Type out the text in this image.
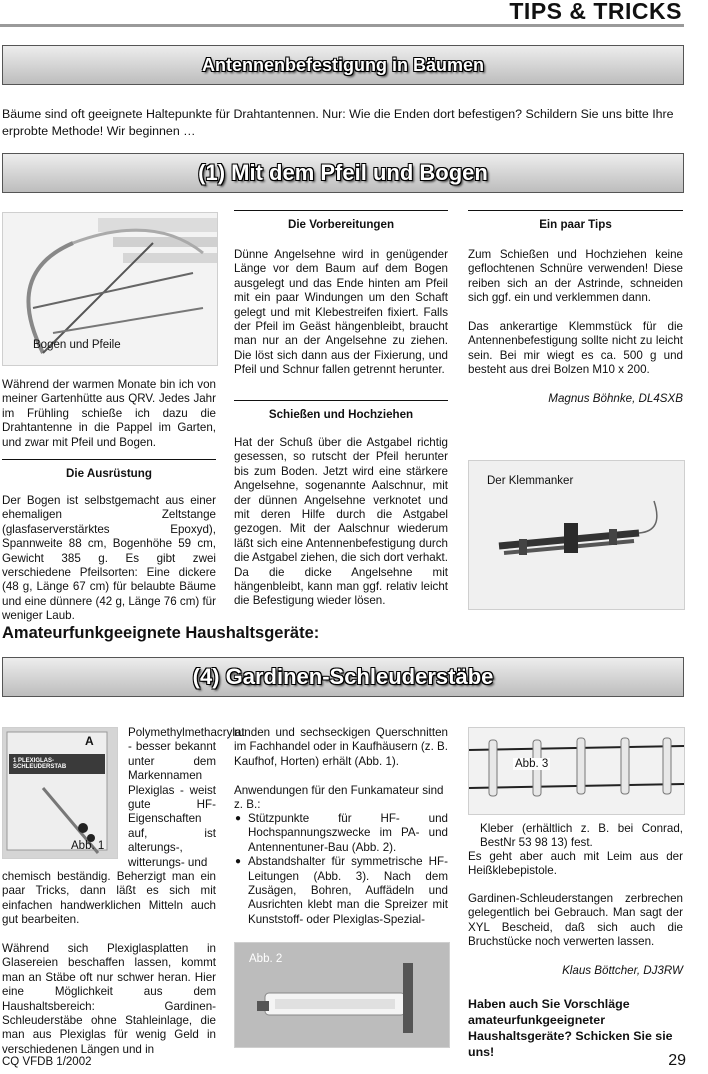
TIPS & TRICKS
Antennenbefestigung in Bäumen
Bäume sind oft geeignete Haltepunkte für Drahtantennen. Nur: Wie die Enden dort befestigen? Schildern Sie uns bitte Ihre erprobte Methode! Wir beginnen …
(1) Mit dem Pfeil und Bogen
Bogen und Pfeile
Während der warmen Monate bin ich von meiner Gartenhütte aus QRV. Jedes Jahr im Frühling schieße ich dazu die Drahtantenne in die Pappel im Garten, und zwar mit Pfeil und Bogen.
Die Ausrüstung
Der Bogen ist selbstgemacht aus einer ehemaligen Zeltstange (glasfaserverstärktes Epoxyd), Spannweite 88 cm, Bogenhöhe 59 cm, Gewicht 385 g. Es gibt zwei verschiedene Pfeilsorten: Eine dickere (48 g, Länge 67 cm) für belaubte Bäume und eine dünnere (42 g, Länge 76 cm) für weniger Laub.
Die Vorbereitungen
Dünne Angelsehne wird in genügender Länge vor dem Baum auf dem Bogen ausgelegt und das Ende hinten am Pfeil mit ein paar Windungen um den Schaft gelegt und mit Klebestreifen fixiert. Falls der Pfeil im Geäst hängenbleibt, braucht man nur an der Angelsehne zu ziehen. Die löst sich dann aus der Fixierung, und Pfeil und Schnur fallen getrennt herunter.
Schießen und Hochziehen
Hat der Schuß über die Astgabel richtig gesessen, so rutscht der Pfeil herunter bis zum Boden. Jetzt wird eine stärkere Angelsehne, sogenannte Aalschnur, mit der dünnen Angelsehne verknotet und mit deren Hilfe durch die Astgabel gezogen. Mit der Aalschnur wiederum läßt sich eine Antennenbefestigung durch die Astgabel ziehen, die sich dort verhakt. Da die dicke Angelsehne mit hängenbleibt, kann man ggf. relativ leicht die Befestigung wieder lösen.
Ein paar Tips
Zum Schießen und Hochziehen keine geflochtenen Schnüre verwenden! Diese reiben sich an der Astrinde, schneiden sich ggf. ein und verklemmen dann.
Das ankerartige Klemmstück für die Antennenbefestigung sollte nicht zu leicht sein. Bei mir wiegt es ca. 500 g und besteht aus drei Bolzen M10 x 200.
Magnus Böhnke, DL4SXB
Der Klemmanker
Amateurfunkgeeignete Haushaltsgeräte:
(4) Gardinen-Schleuderstäbe
A
1 PLEXIGLAS-SCHLEUDERSTAB
Abb. 1
Polymethylmethacrylat - besser bekannt unter dem Markennamen Plexiglas - weist gute HF-Eigenschaften auf, ist alterungs-, witterungs- und
chemisch beständig. Beherzigt man ein paar Tricks, dann läßt es sich mit einfachen handwerklichen Mitteln auch gut bearbeiten.
Während sich Plexiglasplatten in Glasereien beschaffen lassen, kommt man an Stäbe oft nur schwer heran. Hier eine Möglichkeit aus dem Haushaltsbereich: Gardinen-Schleuderstäbe ohne Stahleinlage, die man aus Plexiglas für wenig Geld in verschiedenen Längen und in
runden und sechseckigen Querschnitten im Fachhandel oder in Kaufhäusern (z. B. Kaufhof, Horten) erhält (Abb. 1).
Anwendungen für den Funkamateur sind z. B.:
● Stützpunkte für HF- und Hochspannungszwecke im PA- und Antennentuner-Bau (Abb. 2).
● Abstandshalter für symmetrische HF-Leitungen (Abb. 3). Nach dem Zusägen, Bohren, Auffädeln und Ausrichten klebt man die Spreizer mit Kunststoff- oder Plexiglas-Spezial-
Abb. 2
Abb. 3
Kleber (erhältlich z. B. bei Conrad, BestNr 53 98 13) fest.
Es geht aber auch mit Leim aus der Heißklebepistole.
Gardinen-Schleuderstangen zerbrechen gelegentlich bei Gebrauch. Man sagt der XYL Bescheid, daß sich auch die Bruchstücke noch verwerten lassen.
Klaus Böttcher, DJ3RW
Haben auch Sie Vorschläge amateurfunkgeeigneter Haushaltsgeräte? Schicken Sie sie uns!
CQ VFDB 1/2002	29
